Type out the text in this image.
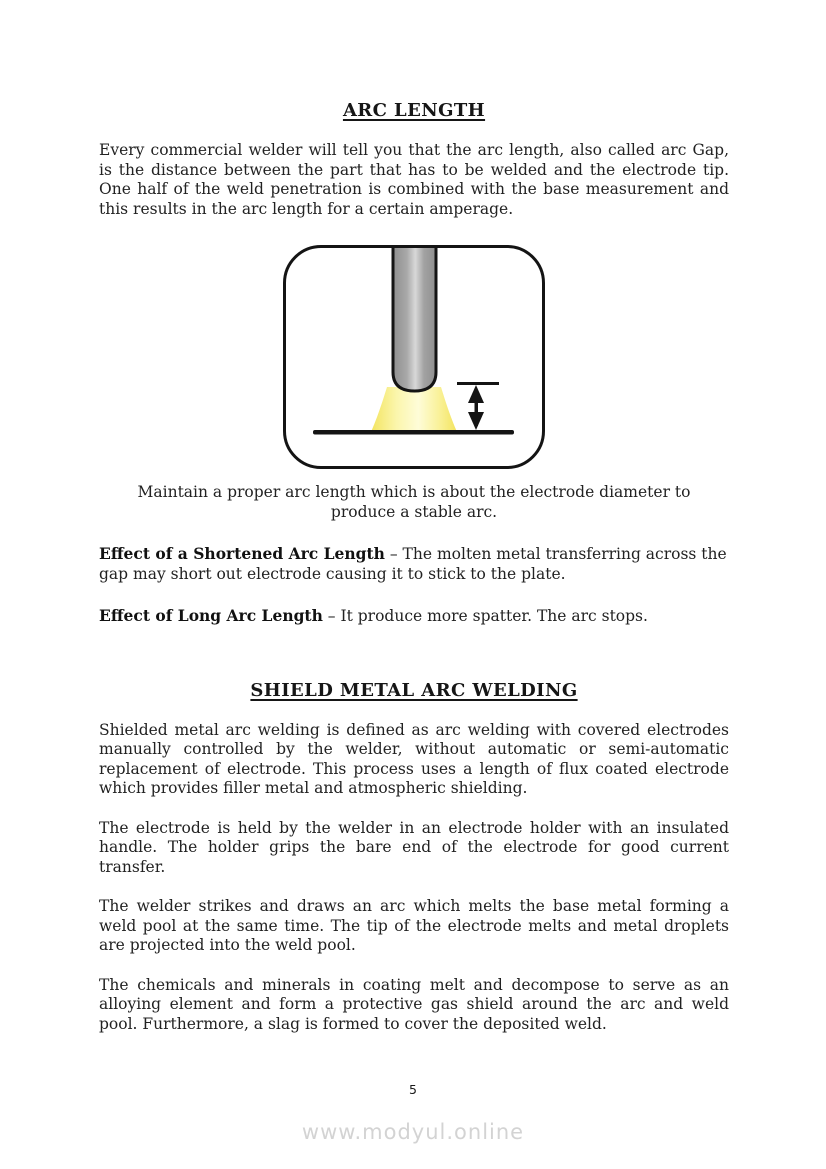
ARC LENGTH

Every commercial welder will tell you that the arc length, also called arc Gap, is the distance between the part that has to be welded and the electrode tip. One half of the weld penetration is combined with the base measurement and this results in the arc length for a certain amperage.

Maintain a proper arc length which is about the electrode diameter to produce a stable arc.

Effect of a Shortened Arc Length – The molten metal transferring across the gap may short out electrode causing it to stick to the plate.

Effect of Long Arc Length – It produce more spatter. The arc stops.

SHIELD METAL ARC WELDING

Shielded metal arc welding is defined as arc welding with covered electrodes manually controlled by the welder, without automatic or semi-automatic replacement of electrode. This process uses a length of flux coated electrode which provides filler metal and atmospheric shielding.

The electrode is held by the welder in an electrode holder with an insulated handle. The holder grips the bare end of the electrode for good current transfer.

The welder strikes and draws an arc which melts the base metal forming a weld pool at the same time. The tip of the electrode melts and metal droplets are projected into the weld pool.

The chemicals and minerals in coating melt and decompose to serve as an alloying element and form a protective gas shield around the arc and weld pool. Furthermore, a slag is formed to cover the deposited weld.

5
www.modyul.online
